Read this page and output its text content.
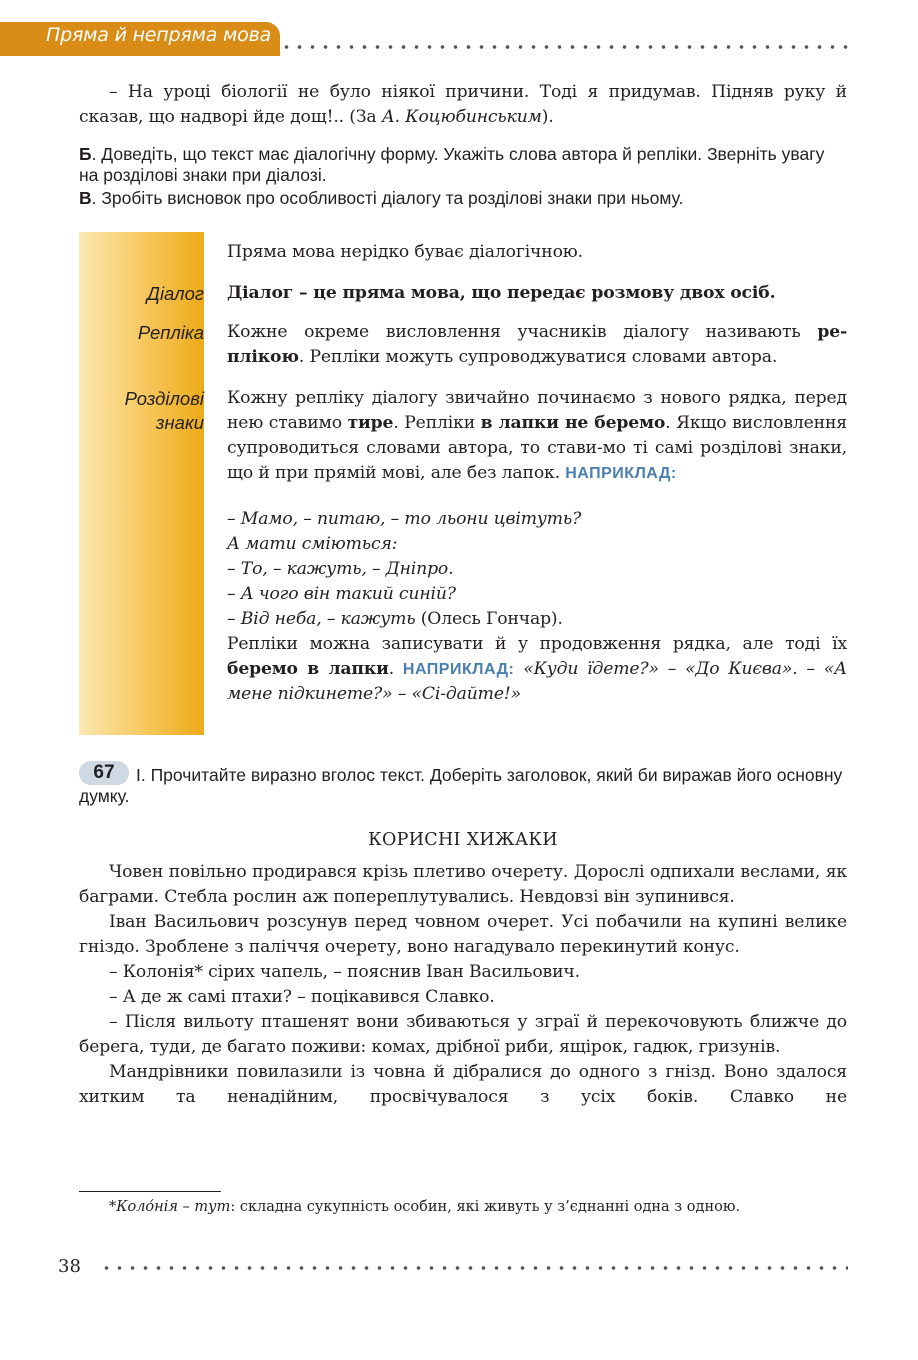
Пряма й непряма мова

– На уроці біології не було ніякої причини. Тоді я придумав. Підняв руку й сказав, що надворі йде дощ!.. (За А. Коцюбинським).

Б. Доведіть, що текст має діалогічну форму. Укажіть слова автора й репліки. Зверніть увагу на розділові знаки при діалозі.

В. Зробіть висновок про особливості діалогу та розділові знаки при ньому.

Діалог
Репліка
Розділові
знаки
Пряма мова нерідко буває діалогічною.
Діалог – це пряма мова, що передає розмову двох осіб.
Кожне окреме висловлення учасників діалогу називають ре-плікою. Репліки можуть супроводжуватися словами автора.
Кожну репліку діалогу звичайно починаємо з нового рядка, перед нею ставимо тире. Репліки в лапки не беремо. Якщо висловлення супроводиться словами автора, то стави-мо ті самі розділові знаки, що й при прямій мові, але без лапок. НАПРИКЛАД:
– Мамо, – питаю, – то льони цвітуть?
А мати сміються:
– То, – кажуть, – Дніпро.
– А чого він такий синій?
– Від неба, – кажуть (Олесь Гончар).
Репліки можна записувати й у продовження рядка, але тоді їх беремо в лапки. НАПРИКЛАД: «Куди їдете?» – «До Києва». – «А мене підкинете?» – «Сі-дайте!»
67	І. Прочитайте виразно вголос текст. Доберіть заголовок, який би виражав його основну думку.
КОРИСНІ ХИЖАКИ

Човен повільно продирався крізь плетиво очерету. Дорослі одпихали веслами, як баграми. Стебла рослин аж попереплутувались. Невдовзі він зупинився.

Іван Васильович розсунув перед човном очерет. Усі побачили на купині велике гніздо. Зроблене з паліччя очерету, воно нагадувало перекинутий конус.

– Колонія* сірих чапель, – пояснив Іван Васильович.

– А де ж самі птахи? – поцікавився Славко.

– Після вильоту пташенят вони збиваються у зграї й перекочовують ближче до берега, туди, де багато поживи: комах, дрібної риби, ящірок, гадюк, гризунів.

Мандрівники повилазили із човна й дібралися до одного з гнізд. Воно здалося хитким та ненадійним, просвічувалося з усіх боків. Славко не

*Коло́нія – тут: складна сукупність особин, які живуть у з’єднанні одна з одною.

38
